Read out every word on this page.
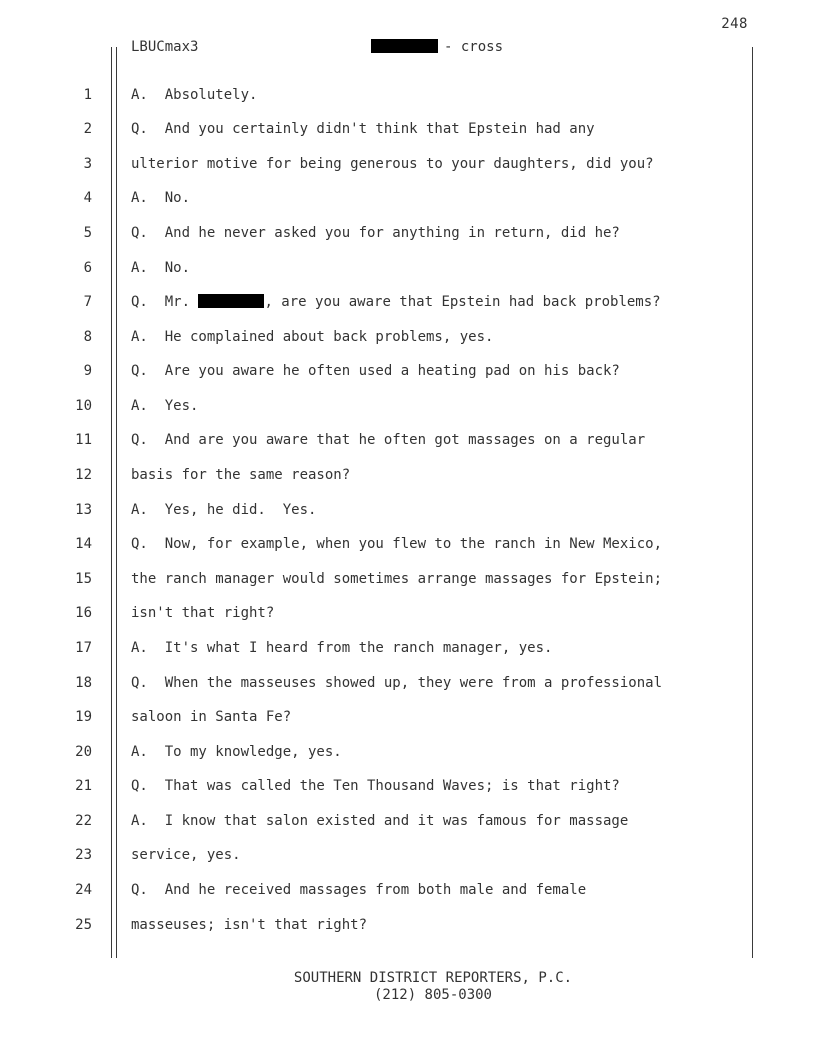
248
LBUCmax3	- cross
1	A.  Absolutely.
2	Q.  And you certainly didn't think that Epstein had any
3	ulterior motive for being generous to your daughters, did you?
4	A.  No.
5	Q.  And he never asked you for anything in return, did he?
6	A.  No.
7	Q.  Mr.	, are you aware that Epstein had back problems?
8	A.  He complained about back problems, yes.
9	Q.  Are you aware he often used a heating pad on his back?
10	A.  Yes.
11	Q.  And are you aware that he often got massages on a regular
12	basis for the same reason?
13	A.  Yes, he did.  Yes.
14	Q.  Now, for example, when you flew to the ranch in New Mexico,
15	the ranch manager would sometimes arrange massages for Epstein;
16	isn't that right?
17	A.  It's what I heard from the ranch manager, yes.
18	Q.  When the masseuses showed up, they were from a professional
19	saloon in Santa Fe?
20	A.  To my knowledge, yes.
21	Q.  That was called the Ten Thousand Waves; is that right?
22	A.  I know that salon existed and it was famous for massage
23	service, yes.
24	Q.  And he received massages from both male and female
25	masseuses; isn't that right?
SOUTHERN DISTRICT REPORTERS, P.C.
(212) 805-0300
